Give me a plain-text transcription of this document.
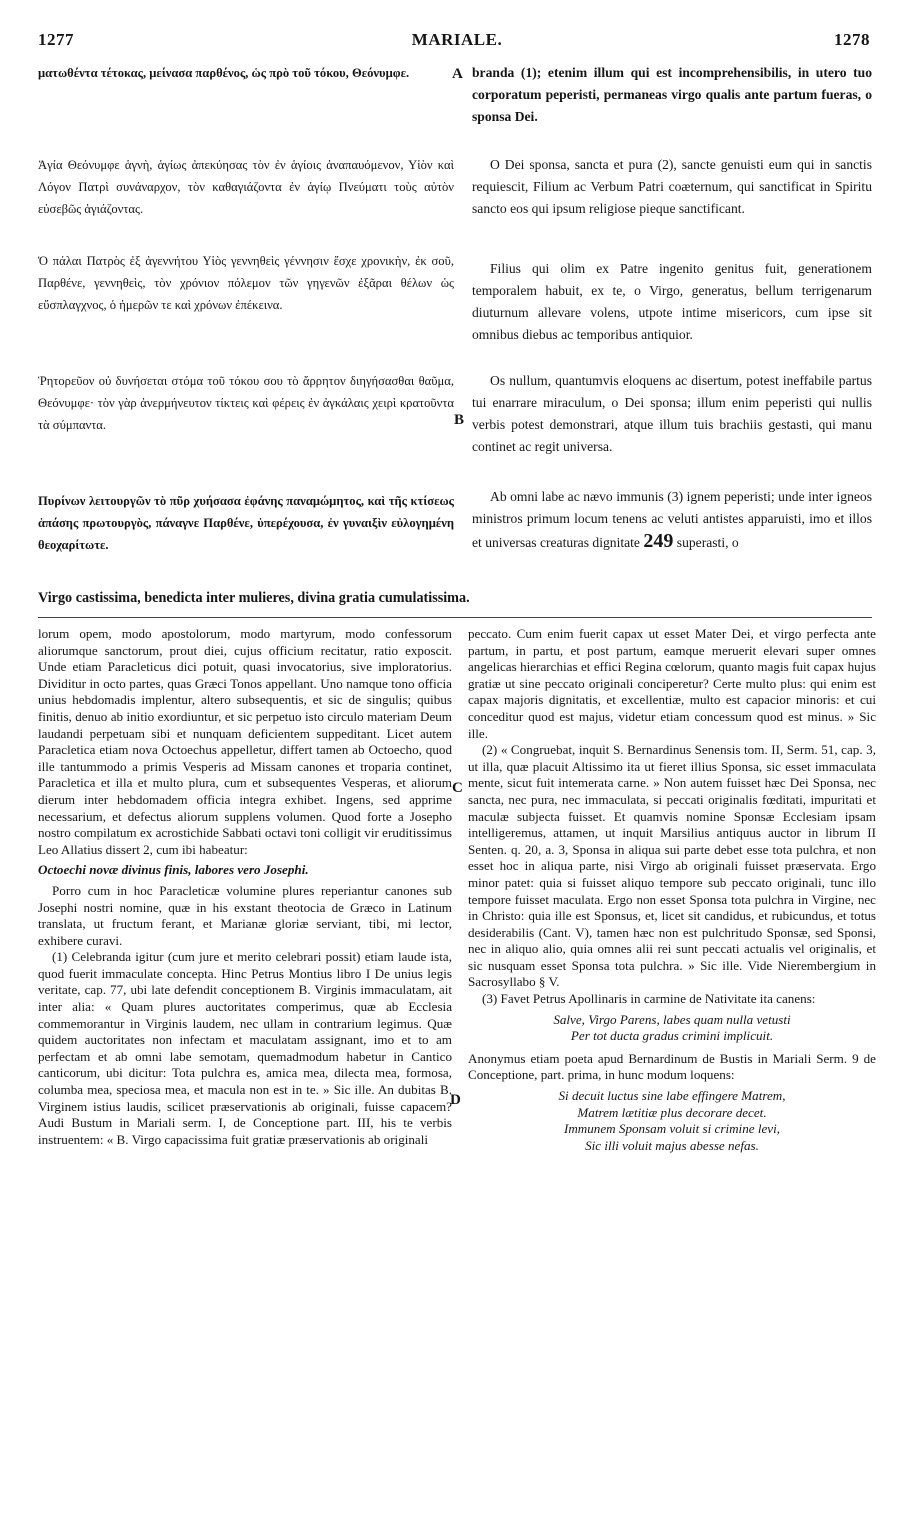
1277	MARIALE.	1278

ματωθέντα τέτοκας, μείνασα παρθένος, ὡς πρὸ τοῦ τόκου, Θεόνυμφε.

Ἁγία Θεόνυμφε ἁγνὴ, ἁγίως ἀπεκύησας τὸν ἐν ἁγίοις ἀναπαυόμενον, Υἱὸν καὶ Λόγον Πατρὶ συνάναρχον, τὸν καθαγιάζοντα ἐν ἁγίῳ Πνεύματι τοὺς αὐτὸν εὐσεβῶς ἁγιάζοντας.

Ὁ πάλαι Πατρὸς ἐξ ἀγεννήτου Υἱὸς γεννηθεὶς γέννησιν ἔσχε χρονικὴν, ἐκ σοῦ, Παρθένε, γεννηθεὶς, τὸν χρόνιον πόλεμον τῶν γηγενῶν ἐξᾶραι θέλων ὡς εὔσπλαγχνος, ὁ ἡμερῶν τε καὶ χρόνων ἐπέκεινα.

Ῥητορεῦον οὐ δυνήσεται στόμα τοῦ τόκου σου τὸ ἄρρητον διηγήσασθαι θαῦμα, Θεόνυμφε· τὸν γὰρ ἀνερμήνευτον τίκτεις καὶ φέρεις ἐν ἀγκάλαις χειρὶ κρατοῦντα τὰ σύμπαντα.

Πυρίνων λειτουργῶν τὸ πῦρ χυήσασα ἐφάνης παναμώμητος, καὶ τῆς κτίσεως ἁπάσης πρωτουργὸς, πάναγνε Παρθένε, ὑπερέχουσα, ἐν γυναιξὶν εὐλογημένη θεοχαρίτωτε.

A
B

branda (1); etenim illum qui est incomprehensibilis, in utero tuo corporatum peperisti, permaneas virgo qualis ante partum fueras, o sponsa Dei.

O Dei sponsa, sancta et pura (2), sancte genuisti eum qui in sanctis requiescit, Filium ac Verbum Patri coæternum, qui sanctificat in Spiritu sancto eos qui ipsum religiose pieque sanctificant.

Filius qui olim ex Patre ingenito genitus fuit, generationem temporalem habuit, ex te, o Virgo, generatus, bellum terrigenarum diuturnum allevare volens, utpote intime misericors, cum ipse sit omnibus diebus ac temporibus antiquior.

Os nullum, quantumvis eloquens ac disertum, potest ineffabile partus tui enarrare miraculum, o Dei sponsa; illum enim peperisti qui nullis verbis potest demonstrari, atque illum tuis brachiis gestasti, qui manu continet ac regit universa.

Ab omni labe ac nævo immunis (3) ignem peperisti; unde inter igneos ministros primum locum tenens ac veluti antistes apparuisti, imo et illos et universas creaturas dignitate 249 superasti, o

Virgo castissima, benedicta inter mulieres, divina gratia cumulatissima.

lorum opem, modo apostolorum, modo martyrum, modo confessorum aliorumque sanctorum, prout diei, cujus officium recitatur, ratio exposcit. Unde etiam Paracleticus dici potuit, quasi invocatorius, sive imploratorius. Dividitur in octo partes, quas Græci Tonos appellant. Uno namque tono officia unius hebdomadis implentur, altero subsequentis, et sic de singulis; quibus finitis, denuo ab initio exordiuntur, et sic perpetuo isto circulo materiam Deum laudandi perpetuam sibi et nunquam deficientem suppeditant. Licet autem Paracletica etiam nova Octoechus appelletur, differt tamen ab Octoecho, quod ille tantummodo a primis Vesperis ad Missam canones et troparia continet, Paracletica et illa et multo plura, cum et subsequentes Vesperas, et aliorum dierum inter hebdomadem officia integra exhibet. Ingens, sed apprime necessarium, et defectus aliorum supplens volumen. Quod forte a Josepho nostro compilatum ex acrostichide Sabbati octavi toni colligit vir eruditissimus Leo Allatius dissert 2, cum ibi habeatur:

Octoechi novæ divinus finis, labores vero Josephi.

Porro cum in hoc Paracleticæ volumine plures reperiantur canones sub Josephi nostri nomine, quæ in his exstant theotocia de Græco in Latinum translata, ut fructum ferant, et Marianæ gloriæ serviant, tibi, mi lector, exhibere curavi.

(1) Celebranda igitur (cum jure et merito celebrari possit) etiam laude ista, quod fuerit immaculate concepta. Hinc Petrus Montius libro I De unius legis veritate, cap. 77, ubi late defendit conceptionem B. Virginis immaculatam, ait inter alia: « Quam plures auctoritates comperimus, quæ ab Ecclesia commemorantur in Virginis laudem, nec ullam in contrarium legimus. Quæ quidem auctoritates non infectam et maculatam assignant, imo et to am perfectam et ab omni labe semotam, quemadmodum habetur in Cantico canticorum, ubi dicitur: Tota pulchra es, amica mea, dilecta mea, formosa, columba mea, speciosa mea, et macula non est in te. » Sic ille. An dubitas B. Virginem istius laudis, scilicet præservationis ab originali, fuisse capacem? Audi Bustum in Mariali serm. I, de Conceptione part. III, his te verbis instruentem: « B. Virgo capacissima fuit gratiæ præservationis ab originali

C
D

peccato. Cum enim fuerit capax ut esset Mater Dei, et virgo perfecta ante partum, in partu, et post partum, eamque meruerit elevari super omnes angelicas hierarchias et effici Regina cœlorum, quanto magis fuit capax hujus gratiæ ut sine peccato originali conciperetur? Certe multo plus: qui enim est capax majoris dignitatis, et excellentiæ, multo est capacior minoris: et cui conceditur quod est majus, videtur etiam concessum quod est minus. » Sic ille.

(2) « Congruebat, inquit S. Bernardinus Senensis tom. II, Serm. 51, cap. 3, ut illa, quæ placuit Altissimo ita ut fieret illius Sponsa, sic esset immaculata mente, sicut fuit intemerata carne. » Non autem fuisset hæc Dei Sponsa, nec sancta, nec pura, nec immaculata, si peccati originalis fœditati, impuritati et maculæ subjecta fuisset. Et quamvis nomine Sponsæ Ecclesiam ipsam intelligeremus, attamen, ut inquit Marsilius antiquus auctor in librum II Senten. q. 20, a. 3, Sponsa in aliqua sui parte debet esse tota pulchra, et non esset hoc in aliqua parte, nisi Virgo ab originali fuisset præservata. Ergo minor patet: quia si fuisset aliquo tempore sub peccato originali, tunc illo tempore fuisset maculata. Ergo non esset Sponsa tota pulchra in Virgine, nec in Christo: quia ille est Sponsus, et, licet sit candidus, et rubicundus, et totus desiderabilis (Cant. V), tamen hæc non est pulchritudo Sponsæ, sed Sponsi, nec in aliquo alio, quia omnes alii rei sunt peccati actualis vel originalis, et sic nusquam esset Sponsa tota pulchra. » Sic ille. Vide Nierembergium in Sacrosyllabo § V.

(3) Favet Petrus Apollinaris in carmine de Nativitate ita canens:

Salve, Virgo Parens, labes quam nulla vetusti
Per tot ducta gradus crimini implicuit.

Anonymus etiam poeta apud Bernardinum de Bustis in Mariali Serm. 9 de Conceptione, part. prima, in hunc modum loquens:

Si decuit luctus sine labe effingere Matrem,
Matrem lætitiæ plus decorare decet.
Immunem Sponsam voluit si crimine levi,
Sic illi voluit majus abesse nefas.
